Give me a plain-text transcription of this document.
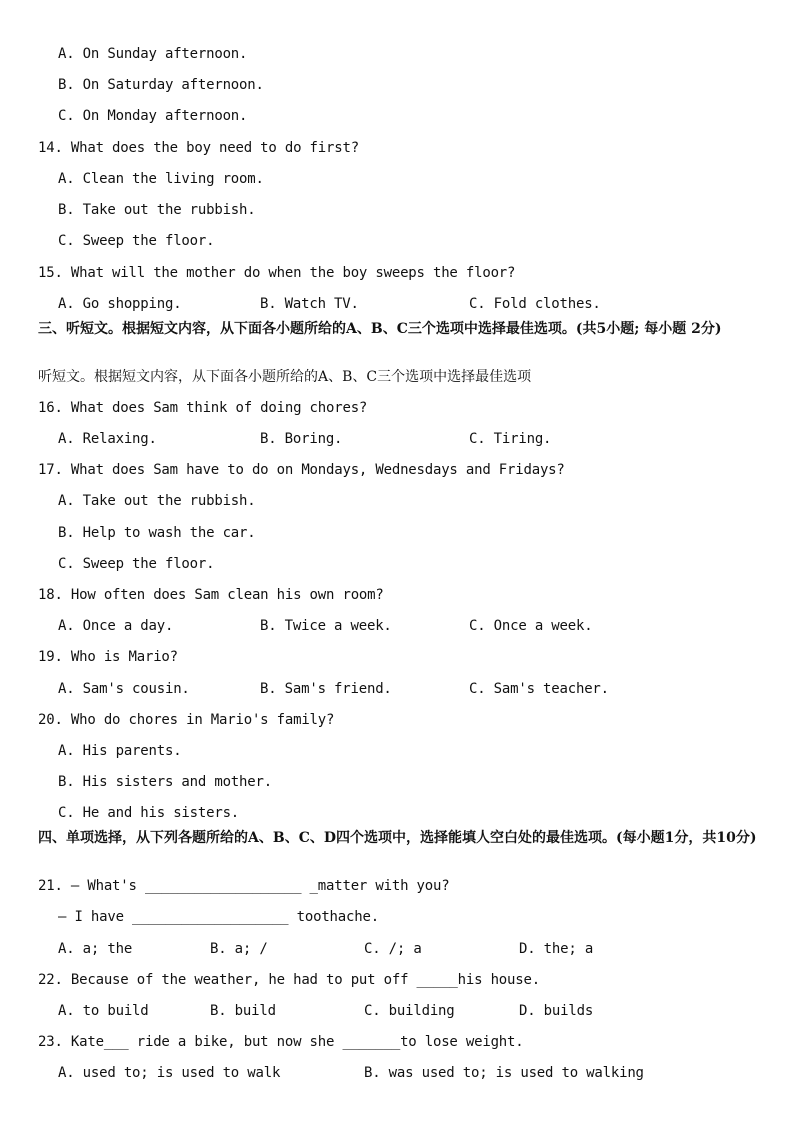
A. On Sunday afternoon.
B. On Saturday afternoon.
C. On Monday afternoon.
14. What does the boy need to do first?
A. Clean the living room.
B. Take out the rubbish.
C. Sweep the floor.
15. What will the mother do when the boy sweeps the floor?
A. Go shopping.	B. Watch TV.	C. Fold clothes.
三、听短文。根据短文内容，从下面各小题所给的A、B、C三个选项中选择最佳选项。(共5小题; 每小题 2分)
听短文。根据短文内容，从下面各小题所给的A、B、C三个选项中选择最佳选项
16. What does Sam think of doing chores?
A. Relaxing.	B. Boring.	C. Tiring.
17. What does Sam have to do on Mondays, Wednesdays and Fridays?
A. Take out the rubbish.
B. Help to wash the car.
C. Sweep the floor.
18. How often does Sam clean his own room?
A. Once a day.	B. Twice a week.	C. Once a week.
19. Who is Mario?
A. Sam's cousin.	B. Sam's friend.	C. Sam's teacher.
20. Who do chores in Mario's family?
A. His parents.
B. His sisters and mother.
C. He and his sisters.
四、单项选择，从下列各题所给的A、B、C、D四个选项中，选择能填人空白处的最佳选项。(每小题1分，共10分)
21. — What's ___________________ _matter with you?
— I have ___________________ toothache.
A. a; the	B. a; /	C. /; a	D. the; a
22. Because of the weather, he had to put off _____his house.
A. to build	B. build	C. building	D. builds
23. Kate___ ride a bike, but now she _______to lose weight.
A. used to; is used to walk	B. was used to; is used to walking
